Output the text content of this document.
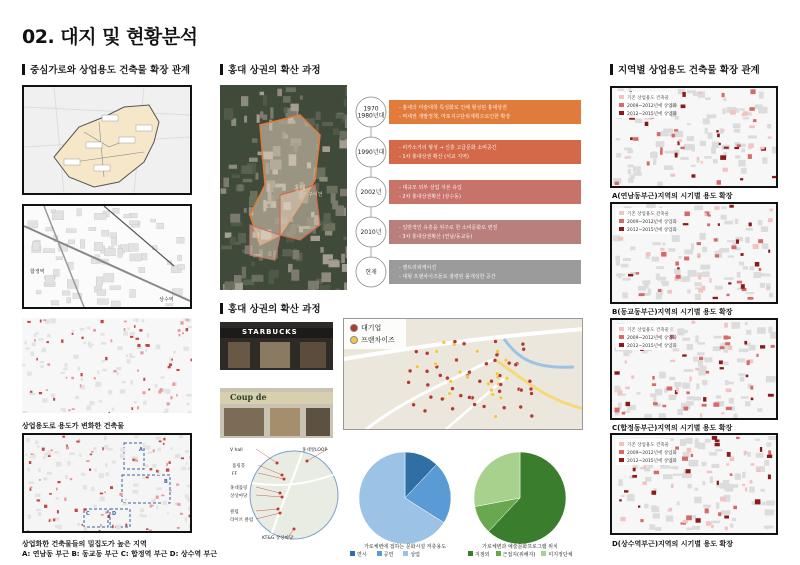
02. 대지 및 현황분석
중심가로와 상업용도 건축물 확장 관계	홍대 상권의 확산 과정
홍대 상권의 확산 과정
지역별 상업용도 건축물 확장 관계
합정역
상수역
상업용도로 용도가 변화한 건축물
A
B
C	D
상업화한 건축물들의 밀집도가 높은 지역
A: 연남동 부근 B: 동교동 부근 C: 합정역 부근 D: 상수역 부근
홍대
구이연
1970
1980년대
- 홍대의 미술대학 특성화로 인해 형성된 홍대상권
- 역세권 개발정책, 마포지구단위계획으로인한 확장
1990년대
- 피카소거리 형성 → 신흥 고급문화 소비공간
- 1차 홍대상권 확산 (서교 지역)
2002년
- 대규모 외부 상업 자본 유입
- 2차 홍대상권확산 (상수동)
2010년
- 일반적인 유흥을 위주로 한 소비문화로 변질
- 3차 홍대상권확산 (연남/동교동)
현재
- 젠트리피케이션
- 대형 프랜차이즈들로 점령된 몰개성한 공간
STARBUCKS
Coup de
대기업
프랜차이즈
V hall	홍대앞LOOP
롤링홀
FF
홍대롤링
상상마당
클럽
라이브 클럽
KT&G 상상마당
가로체변에 접하는 문화시설 저층용도
면시	공연	상업
가로체변과 예술문화프로그램 위치
지점외	근접지(위해지)	미지정단체
기존 상업용도 건축물
2009~2012년에 상업화
2012~2015년에 상업화
A(연남동부근)지역의 시기별 용도 확장
기존 상업용도 건축물
2009~2012년에 상업화
2012~2015년에 상업화
B(동교동부근)지역의 시기별 용도 확장
기존 상업용도 건축물
2009~2012년에 상업화
2012~2015년에 상업화
C(합정동부근)지역의 시기별 용도 확장
기존 상업용도 건축물
2009~2012년에 상업화
2012~2015년에 상업화
D(상수역부근)지역의 시기별 용도 확장
